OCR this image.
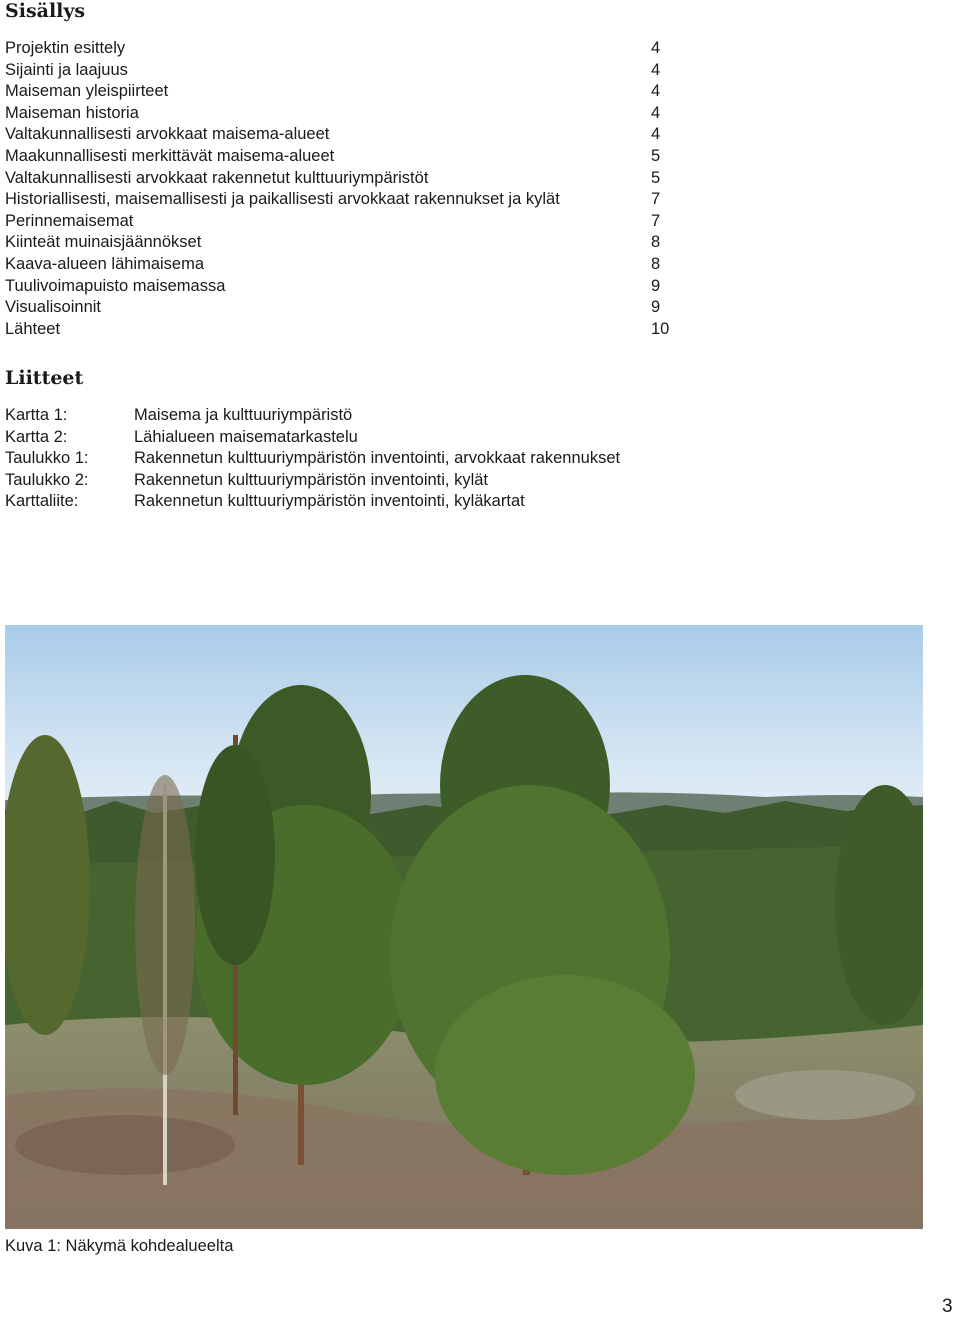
Sisällys
Projektin esittely	4
Sijainti ja laajuus	4
Maiseman yleispiirteet	4
Maiseman historia	4
Valtakunnallisesti arvokkaat maisema-alueet	4
Maakunnallisesti merkittävät maisema-alueet	5
Valtakunnallisesti arvokkaat rakennetut kulttuuriympäristöt	5
Historiallisesti, maisemallisesti ja paikallisesti arvokkaat rakennukset ja kylät	7
Perinnemaisemat	7
Kiinteät muinaisjäännökset	8
Kaava-alueen lähimaisema	8
Tuulivoimapuisto maisemassa	9
Visualisoinnit	9
Lähteet	10
Liitteet
Kartta 1:	Maisema ja kulttuuriympäristö
Kartta 2:	Lähialueen maisematarkastelu
Taulukko 1:	Rakennetun kulttuuriympäristön inventointi, arvokkaat rakennukset
Taulukko 2:	Rakennetun kulttuuriympäristön inventointi, kylät
Karttaliite:	Rakennetun kulttuuriympäristön inventointi, kyläkartat
Kuva 1: Näkymä kohdealueelta
3
